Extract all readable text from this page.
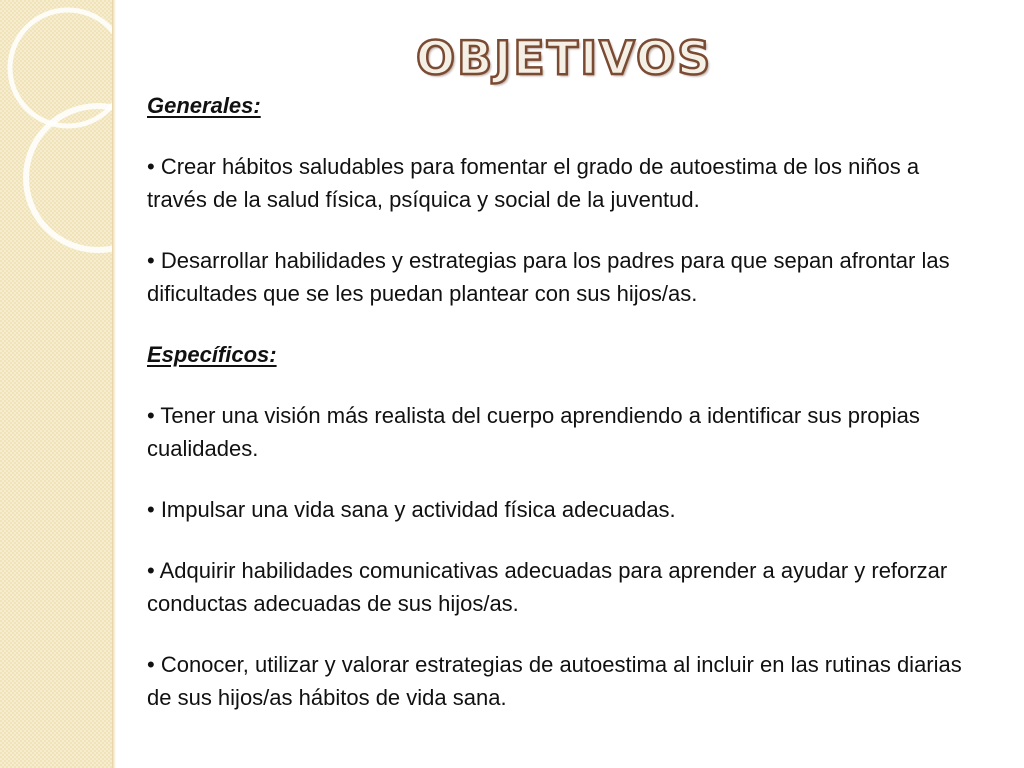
OBJETIVOS

Generales:

• Crear hábitos saludables para fomentar el grado de autoestima de los niños a través de la salud física, psíquica y social de la juventud.

• Desarrollar habilidades y estrategias para los padres para que sepan afrontar las dificultades que se les puedan plantear con sus hijos/as.

Específicos:

• Tener una visión más realista del cuerpo aprendiendo a identificar sus propias cualidades.

• Impulsar una vida sana y actividad física adecuadas.

• Adquirir habilidades comunicativas adecuadas para aprender a ayudar y reforzar conductas adecuadas de sus hijos/as.

• Conocer, utilizar y valorar estrategias de autoestima al incluir en las rutinas diarias de sus hijos/as hábitos de vida sana.
